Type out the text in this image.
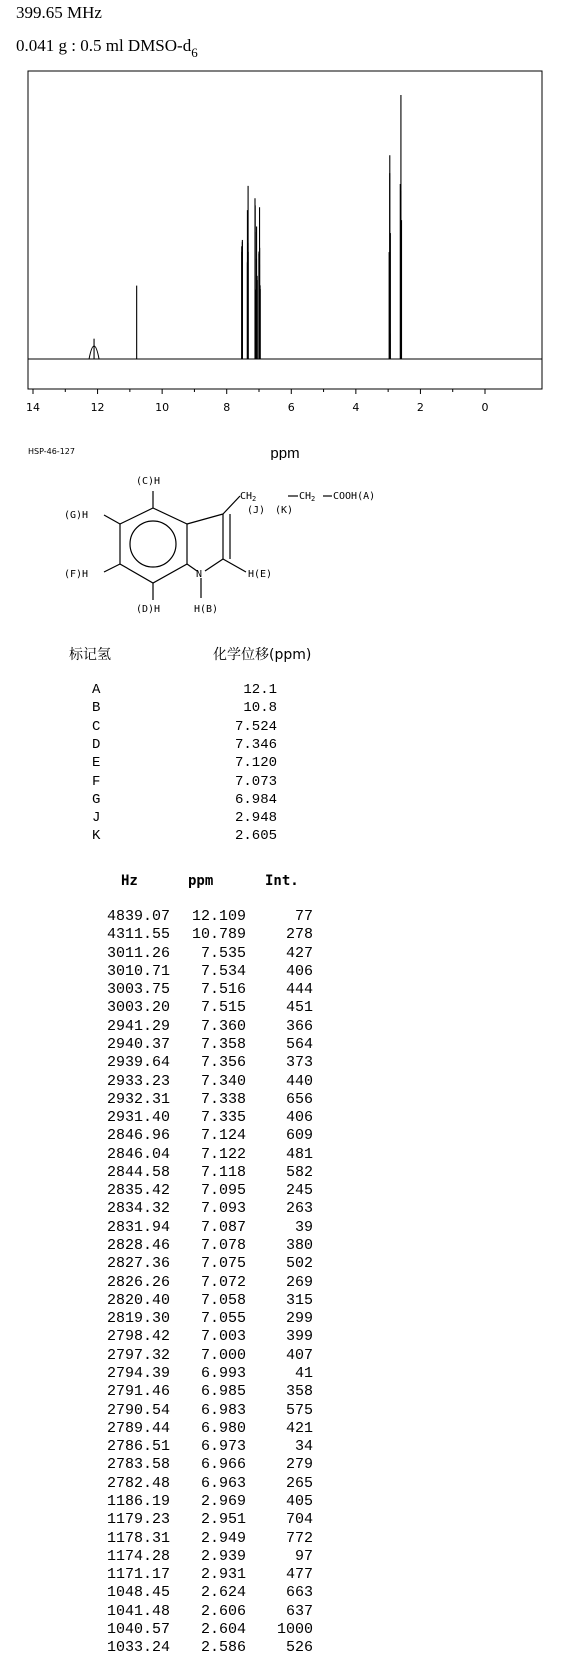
399.65 MHz
0.041 g : 0.5 ml DMSO-$d_6$
14	12	10	8	6	4	2	0
ppm
HSP-46-127
(C)H
(G)H
(F)H
(D)H
N
H(B)
H(E)
$CH_2$	$CH_2$ COOH(A)
(J) (K)
标记氢	化学位移(ppm)
A	12.1
B	10.8
C	7.524
D	7.346
E	7.120
F	7.073
G	6.984
J	2.948
K	2.605
Hz	ppm	Int.
4839.07 12.109	77
4311.55 10.789	278
3011.26 7.535	427
3010.71 7.534	406
3003.75 7.516	444
3003.20 7.515	451
2941.29 7.360	366
2940.37 7.358	564
2939.64 7.356	373
2933.23 7.340	440
2932.31 7.338	656
2931.40 7.335	406
2846.96 7.124	609
2846.04 7.122	481
2844.58 7.118	582
2835.42 7.095	245
2834.32 7.093	263
2831.94 7.087	39
2828.46 7.078	380
2827.36 7.075	502
2826.26 7.072	269
2820.40 7.058	315
2819.30 7.055	299
2798.42 7.003	399
2797.32 7.000	407
2794.39 6.993	41
2791.46 6.985	358
2790.54 6.983	575
2789.44 6.980	421
2786.51 6.973	34
2783.58 6.966	279
2782.48 6.963	265
1186.19 2.969	405
1179.23 2.951	704
1178.31 2.949	772
1174.28 2.939	97
1171.17 2.931	477
1048.45 2.624	663
1041.48 2.606	637
1040.57 2.604 1000
1033.24 2.586	526
